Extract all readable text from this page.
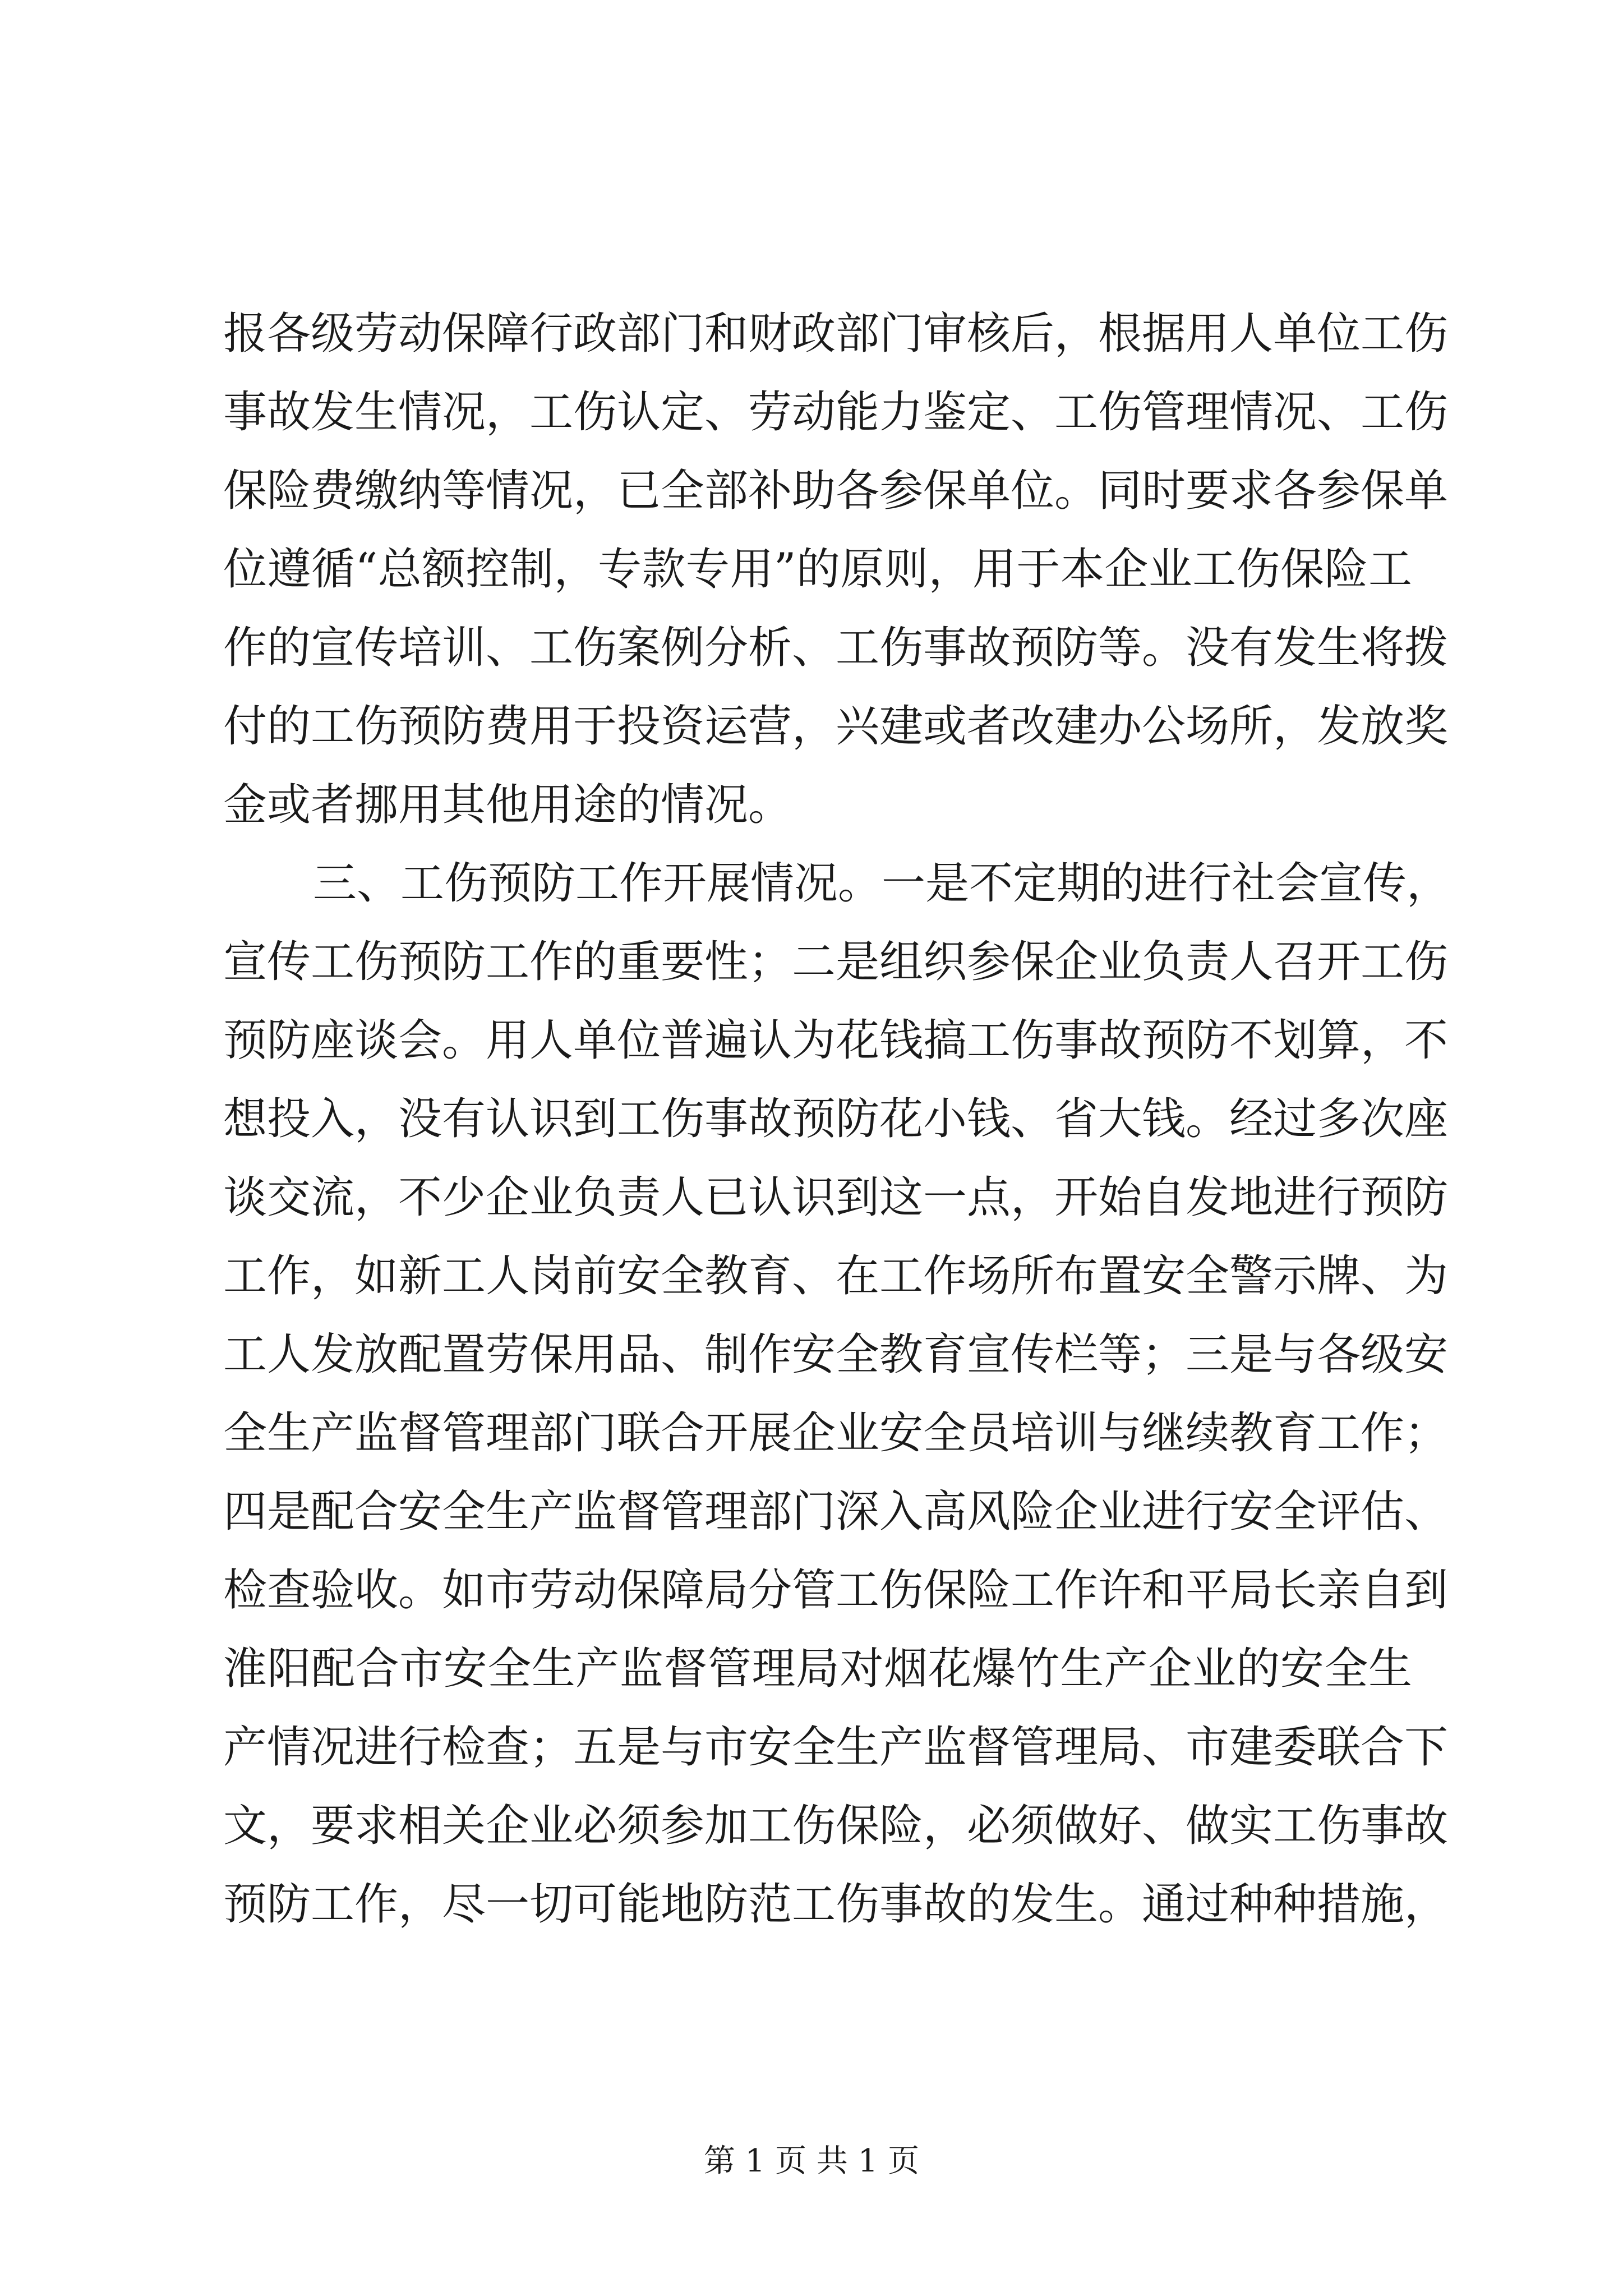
报各级劳动保障行政部门和财政部门审核后，根据用人单位工伤
事故发生情况，工伤认定、劳动能力鉴定、工伤管理情况、工伤
保险费缴纳等情况，已全部补助各参保单位。同时要求各参保单
位遵循“总额控制，专款专用”的原则，用于本企业工伤保险工
作的宣传培训、工伤案例分析、工伤事故预防等。没有发生将拨
付的工伤预防费用于投资运营，兴建或者改建办公场所，发放奖
金或者挪用其他用途的情况。
三、工伤预防工作开展情况。一是不定期的进行社会宣传，
宣传工伤预防工作的重要性；二是组织参保企业负责人召开工伤
预防座谈会。用人单位普遍认为花钱搞工伤事故预防不划算，不
想投入，没有认识到工伤事故预防花小钱、省大钱。经过多次座
谈交流，不少企业负责人已认识到这一点，开始自发地进行预防
工作，如新工人岗前安全教育、在工作场所布置安全警示牌、为
工人发放配置劳保用品、制作安全教育宣传栏等；三是与各级安
全生产监督管理部门联合开展企业安全员培训与继续教育工作；
四是配合安全生产监督管理部门深入高风险企业进行安全评估、
检查验收。如市劳动保障局分管工伤保险工作许和平局长亲自到
淮阳配合市安全生产监督管理局对烟花爆竹生产企业的安全生
产情况进行检查；五是与市安全生产监督管理局、市建委联合下
文，要求相关企业必须参加工伤保险，必须做好、做实工伤事故
预防工作，尽一切可能地防范工伤事故的发生。通过种种措施，
第 1 页 共 1 页
